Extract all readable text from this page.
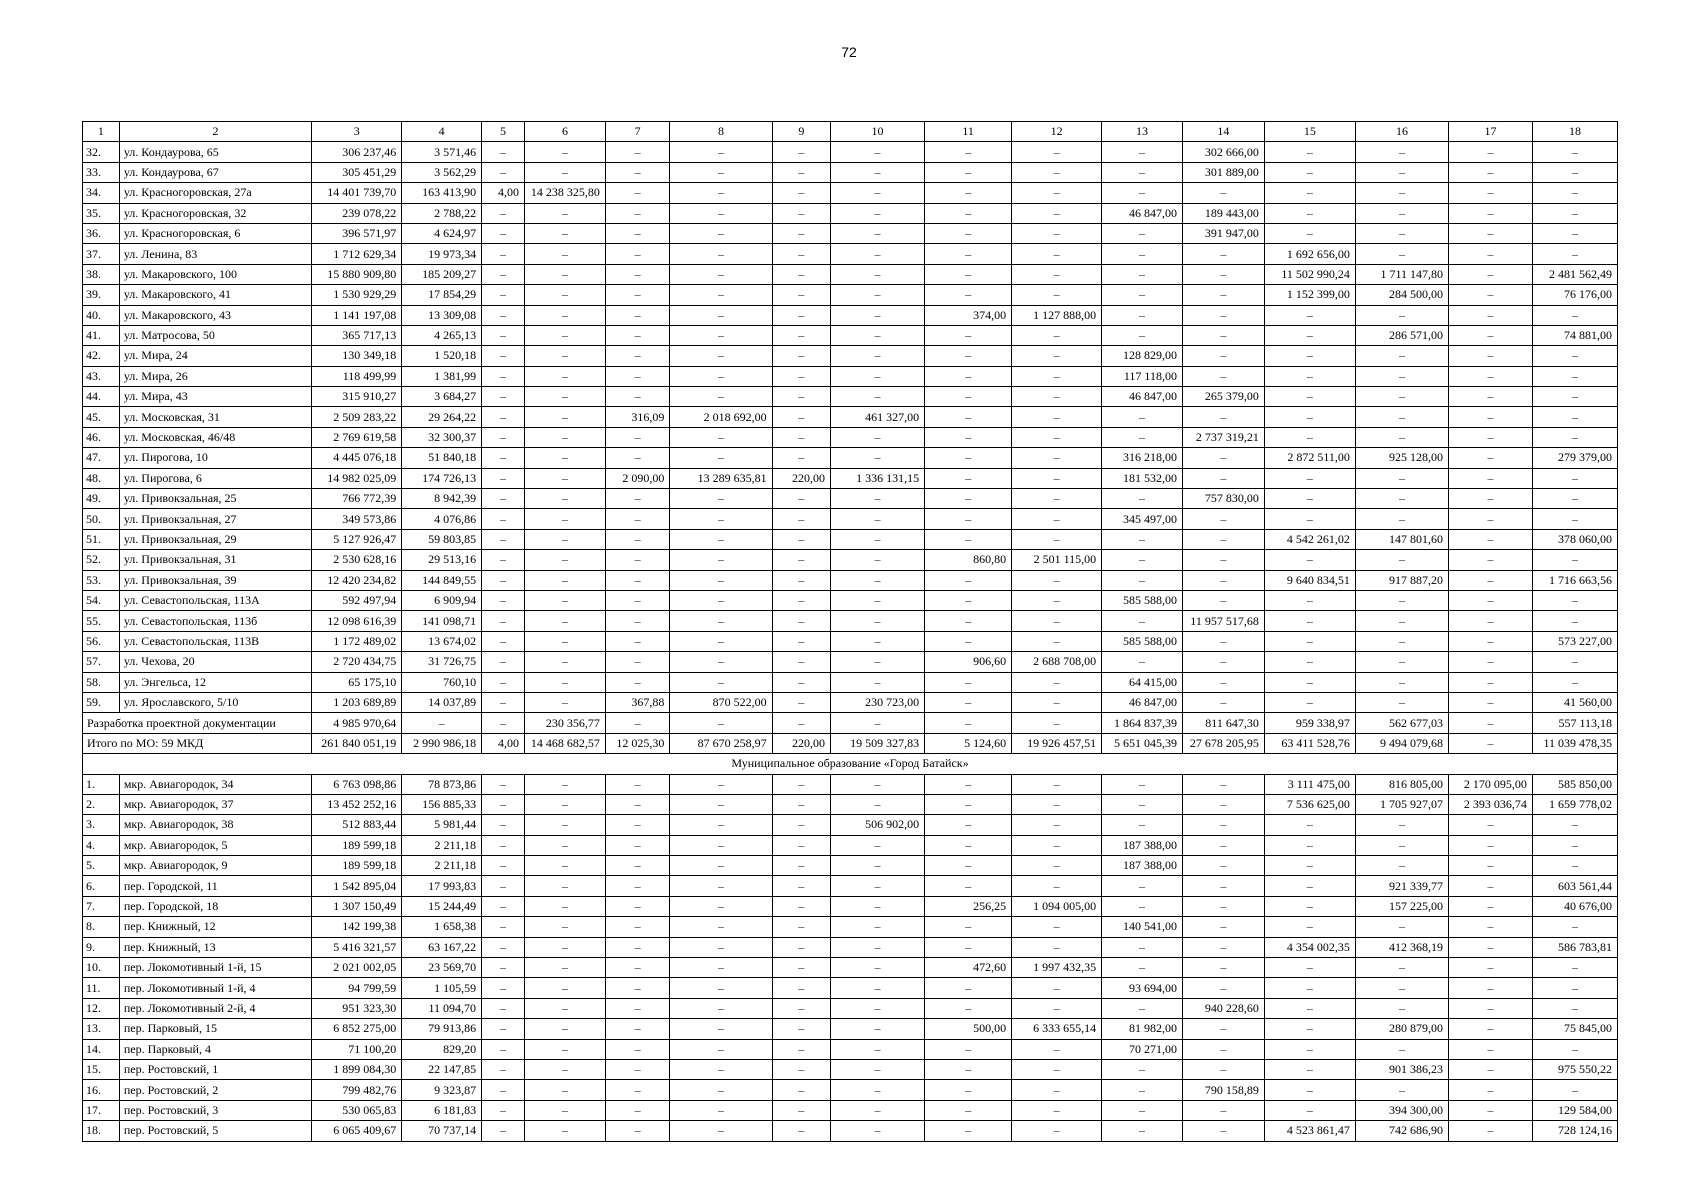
72
1	2	3	4	5	6	7	8	9	10	11	12	13	14	15	16	17	18
32.	ул. Кондаурова, 65	306 237,46	3 571,46	–	–	–	–	–	–	–	–	–	302 666,00	–	–	–	–
33.	ул. Кондаурова, 67	305 451,29	3 562,29	–	–	–	–	–	–	–	–	–	301 889,00	–	–	–	–
34.	ул. Красногоровская, 27а	14 401 739,70	163 413,90	4,00	14 238 325,80	–	–	–	–	–	–	–	–	–	–	–	–
35.	ул. Красногоровская, 32	239 078,22	2 788,22	–	–	–	–	–	–	–	–	46 847,00	189 443,00	–	–	–	–
36.	ул. Красногоровская, 6	396 571,97	4 624,97	–	–	–	–	–	–	–	–	–	391 947,00	–	–	–	–
37.	ул. Ленина, 83	1 712 629,34	19 973,34	–	–	–	–	–	–	–	–	–	–	1 692 656,00	–	–	–
38.	ул. Макаровского, 100	15 880 909,80	185 209,27	–	–	–	–	–	–	–	–	–	–	11 502 990,24	1 711 147,80	–	2 481 562,49
39.	ул. Макаровского, 41	1 530 929,29	17 854,29	–	–	–	–	–	–	–	–	–	–	1 152 399,00	284 500,00	–	76 176,00
40.	ул. Макаровского, 43	1 141 197,08	13 309,08	–	–	–	–	–	–	374,00	1 127 888,00	–	–	–	–	–	–
41.	ул. Матросова, 50	365 717,13	4 265,13	–	–	–	–	–	–	–	–	–	–	–	286 571,00	–	74 881,00
42.	ул. Мира, 24	130 349,18	1 520,18	–	–	–	–	–	–	–	–	128 829,00	–	–	–	–	–
43.	ул. Мира, 26	118 499,99	1 381,99	–	–	–	–	–	–	–	–	117 118,00	–	–	–	–	–
44.	ул. Мира, 43	315 910,27	3 684,27	–	–	–	–	–	–	–	–	46 847,00	265 379,00	–	–	–	–
45.	ул. Московская, 31	2 509 283,22	29 264,22	–	–	316,09	2 018 692,00	–	461 327,00	–	–	–	–	–	–	–	–
46.	ул. Московская, 46/48	2 769 619,58	32 300,37	–	–	–	–	–	–	–	–	–	2 737 319,21	–	–	–	–
47.	ул. Пирогова, 10	4 445 076,18	51 840,18	–	–	–	–	–	–	–	–	316 218,00	–	2 872 511,00	925 128,00	–	279 379,00
48.	ул. Пирогова, 6	14 982 025,09	174 726,13	–	–	2 090,00	13 289 635,81	220,00	1 336 131,15	–	–	181 532,00	–	–	–	–	–
49.	ул. Привокзальная, 25	766 772,39	8 942,39	–	–	–	–	–	–	–	–	–	757 830,00	–	–	–	–
50.	ул. Привокзальная, 27	349 573,86	4 076,86	–	–	–	–	–	–	–	–	345 497,00	–	–	–	–	–
51.	ул. Привокзальная, 29	5 127 926,47	59 803,85	–	–	–	–	–	–	–	–	–	–	4 542 261,02	147 801,60	–	378 060,00
52.	ул. Привокзальная, 31	2 530 628,16	29 513,16	–	–	–	–	–	–	860,80	2 501 115,00	–	–	–	–	–	–
53.	ул. Привокзальная, 39	12 420 234,82	144 849,55	–	–	–	–	–	–	–	–	–	–	9 640 834,51	917 887,20	–	1 716 663,56
54.	ул. Севастопольская, 113А	592 497,94	6 909,94	–	–	–	–	–	–	–	–	585 588,00	–	–	–	–	–
55.	ул. Севастопольская, 113б	12 098 616,39	141 098,71	–	–	–	–	–	–	–	–	–	11 957 517,68	–	–	–	–
56.	ул. Севастопольская, 113В	1 172 489,02	13 674,02	–	–	–	–	–	–	–	–	585 588,00	–	–	–	–	573 227,00
57.	ул. Чехова, 20	2 720 434,75	31 726,75	–	–	–	–	–	–	906,60	2 688 708,00	–	–	–	–	–	–
58.	ул. Энгельса, 12	65 175,10	760,10	–	–	–	–	–	–	–	–	64 415,00	–	–	–	–	–
59.	ул. Ярославского, 5/10	1 203 689,89	14 037,89	–	–	367,88	870 522,00	–	230 723,00	–	–	46 847,00	–	–	–	–	41 560,00
Разработка проектной документации		4 985 970,64	–	–	230 356,77	–	–	–	–	–	–	1 864 837,39	811 647,30	959 338,97	562 677,03	–	557 113,18
Итого по МО: 59 МКД		261 840 051,19	2 990 986,18	4,00	14 468 682,57	12 025,30	87 670 258,97	220,00	19 509 327,83	5 124,60	19 926 457,51	5 651 045,39	27 678 205,95	63 411 528,76	9 494 079,68	–	11 039 478,35
Муниципальное образование «Город Батайск»																	
1.	мкр. Авиагородок, 34	6 763 098,86	78 873,86	–	–	–	–	–	–	–	–	–	–	3 111 475,00	816 805,00	2 170 095,00	585 850,00
2.	мкр. Авиагородок, 37	13 452 252,16	156 885,33	–	–	–	–	–	–	–	–	–	–	7 536 625,00	1 705 927,07	2 393 036,74	1 659 778,02
3.	мкр. Авиагородок, 38	512 883,44	5 981,44	–	–	–	–	–	506 902,00	–	–	–	–	–	–	–	–
4.	мкр. Авиагородок, 5	189 599,18	2 211,18	–	–	–	–	–	–	–	–	187 388,00	–	–	–	–	–
5.	мкр. Авиагородок, 9	189 599,18	2 211,18	–	–	–	–	–	–	–	–	187 388,00	–	–	–	–	–
6.	пер. Городской, 11	1 542 895,04	17 993,83	–	–	–	–	–	–	–	–	–	–	–	921 339,77	–	603 561,44
7.	пер. Городской, 18	1 307 150,49	15 244,49	–	–	–	–	–	–	256,25	1 094 005,00	–	–	–	157 225,00	–	40 676,00
8.	пер. Книжный, 12	142 199,38	1 658,38	–	–	–	–	–	–	–	–	140 541,00	–	–	–	–	–
9.	пер. Книжный, 13	5 416 321,57	63 167,22	–	–	–	–	–	–	–	–	–	–	4 354 002,35	412 368,19	–	586 783,81
10.	пер. Локомотивный 1-й, 15	2 021 002,05	23 569,70	–	–	–	–	–	–	472,60	1 997 432,35	–	–	–	–	–	–
11.	пер. Локомотивный 1-й, 4	94 799,59	1 105,59	–	–	–	–	–	–	–	–	93 694,00	–	–	–	–	–
12.	пер. Локомотивный 2-й, 4	951 323,30	11 094,70	–	–	–	–	–	–	–	–	–	940 228,60	–	–	–	–
13.	пер. Парковый, 15	6 852 275,00	79 913,86	–	–	–	–	–	–	500,00	6 333 655,14	81 982,00	–	–	280 879,00	–	75 845,00
14.	пер. Парковый, 4	71 100,20	829,20	–	–	–	–	–	–	–	–	70 271,00	–	–	–	–	–
15.	пер. Ростовский, 1	1 899 084,30	22 147,85	–	–	–	–	–	–	–	–	–	–	–	901 386,23	–	975 550,22
16.	пер. Ростовский, 2	799 482,76	9 323,87	–	–	–	–	–	–	–	–	–	790 158,89	–	–	–	–
17.	пер. Ростовский, 3	530 065,83	6 181,83	–	–	–	–	–	–	–	–	–	–	–	394 300,00	–	129 584,00
18.	пер. Ростовский, 5	6 065 409,67	70 737,14	–	–	–	–	–	–	–	–	–	–	4 523 861,47	742 686,90	–	728 124,16
